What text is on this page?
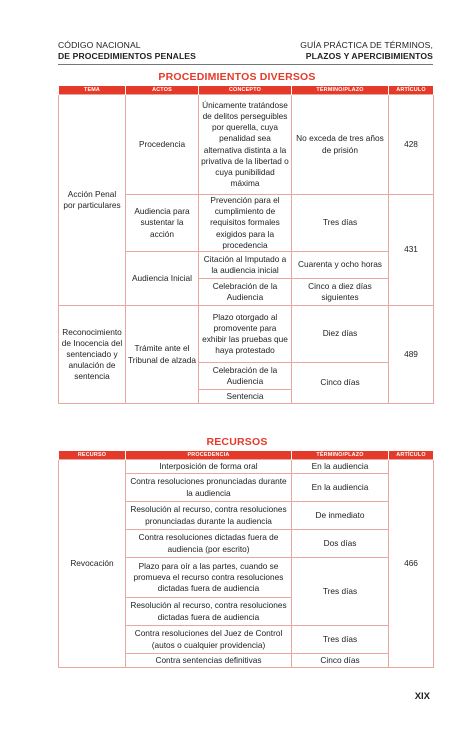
CÓDIGO NACIONAL
DE PROCEDIMIENTOS PENALES
GUÍA PRÁCTICA DE TÉRMINOS,
PLAZOS Y APERCIBIMIENTOS
PROCEDIMIENTOS DIVERSOS
TEMA	ACTOS	CONCEPTO	TÉRMINO/PLAZO	ARTÍCULO
Acción Penal por particulares	Procedencia	Únicamente tratándose de delitos perseguibles por querella, cuya penalidad sea alternativa distinta a la privativa de la libertad o cuya punibilidad máxima	No exceda de tres años de prisión	428
	Audiencia para sustentar la acción	Prevención para el cumplimiento de requisitos formales exigidos para la procedencia	Tres días	431
	Audiencia Inicial	Citación al Imputado a la audiencia inicial	Cuarenta y ocho horas	
		Celebración de la Audiencia	Cinco a diez días siguientes	
Reconocimiento de Inocencia del sentenciado y anulación de sentencia	Trámite ante el Tribunal de alzada	Plazo otorgado al promovente para exhibir las pruebas que haya protestado	Diez días	489
		Celebración de la Audiencia	Cinco días	
		Sentencia		
RECURSOS
RECURSO	PROCEDENCIA	TÉRMINO/PLAZO	ARTÍCULO
Revocación	Interposición de forma oral	En la audiencia	466
	Contra resoluciones pronunciadas durante la audiencia	En la audiencia	
	Resolución al recurso, contra resoluciones pronunciadas durante la audiencia	De inmediato	
	Contra resoluciones dictadas fuera de audiencia (por escrito)	Dos días	
	Plazo para oír a las partes, cuando se promueva el recurso contra resoluciones dictadas fuera de audiencia	Tres días	
	Resolución al recurso, contra resoluciones dictadas fuera de audiencia		
	Contra resoluciones del Juez de Control (autos o cualquier providencia)	Tres días	
	Contra sentencias definitivas	Cinco días	
XIX
